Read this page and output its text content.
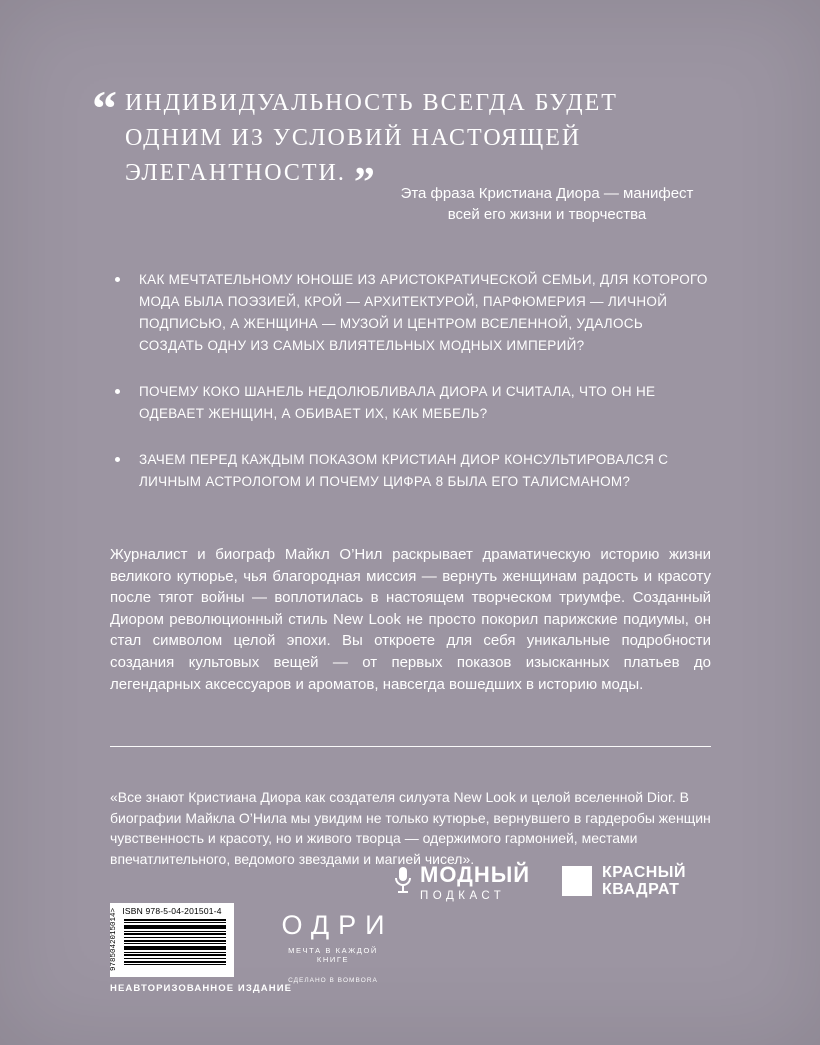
“ ИНДИВИДУАЛЬНОСТЬ ВСЕГДА БУДЕТ ОДНИМ ИЗ УСЛОВИЙ НАСТОЯЩЕЙ ЭЛЕГАНТНОСТИ. ”	Эта фраза Кристиана Диора — манифест
всей его жизни и творчества
КАК МЕЧТАТЕЛЬНОМУ ЮНОШЕ ИЗ АРИСТОКРАТИЧЕСКОЙ СЕМЬИ, ДЛЯ КОТОРОГО МОДА БЫЛА ПОЭЗИЕЙ, КРОЙ — АРХИТЕКТУРОЙ, ПАРФЮМЕРИЯ — ЛИЧНОЙ ПОДПИСЬЮ, А ЖЕНЩИНА — МУЗОЙ И ЦЕНТРОМ ВСЕЛЕННОЙ, УДАЛОСЬ СОЗДАТЬ ОДНУ ИЗ САМЫХ ВЛИЯТЕЛЬНЫХ МОДНЫХ ИМПЕРИЙ?
ПОЧЕМУ КОКО ШАНЕЛЬ НЕДОЛЮБЛИВАЛА ДИОРА И СЧИТАЛА, ЧТО ОН НЕ ОДЕВАЕТ ЖЕНЩИН, А ОБИВАЕТ ИХ, КАК МЕБЕЛЬ?
ЗАЧЕМ ПЕРЕД КАЖДЫМ ПОКАЗОМ КРИСТИАН ДИОР КОНСУЛЬТИРОВАЛСЯ С ЛИЧНЫМ АСТРОЛОГОМ И ПОЧЕМУ ЦИФРА 8 БЫЛА ЕГО ТАЛИСМАНОМ?
Журналист и биограф Майкл О’Нил раскрывает драматическую историю жизни великого кутюрье, чья благородная миссия — вернуть женщинам радость и красоту после тягот войны — воплотилась в настоящем творческом триумфе. Созданный Диором революционный стиль New Look не просто покорил парижские подиумы, он стал символом целой эпохи. Вы откроете для себя уникальные подробности создания культовых вещей — от первых показов изысканных платьев до легендарных аксессуаров и ароматов, навсегда вошедших в историю моды.
«Все знают Кристиана Диора как создателя силуэта New Look и целой вселенной Dior. В биографии Майкла О’Нила мы увидим не только кутюрье, вернувшего в гардеробы женщин чувственность и красоту, но и живого творца — одержимого гармонией, местами впечатлительного, ведомого звездами и магией чисел».
МОДНЫЙ
ПОДКАСТ
КРАСНЫЙ
КВАДРАТ
ISBN 978-5-04-201501-4
9785042015014>	ОДРИ
МЕЧТА В КАЖДОЙ КНИГЕ
СДЕЛАНО В BOMBORA
НЕАВТОРИЗОВАННОЕ ИЗДАНИЕ
